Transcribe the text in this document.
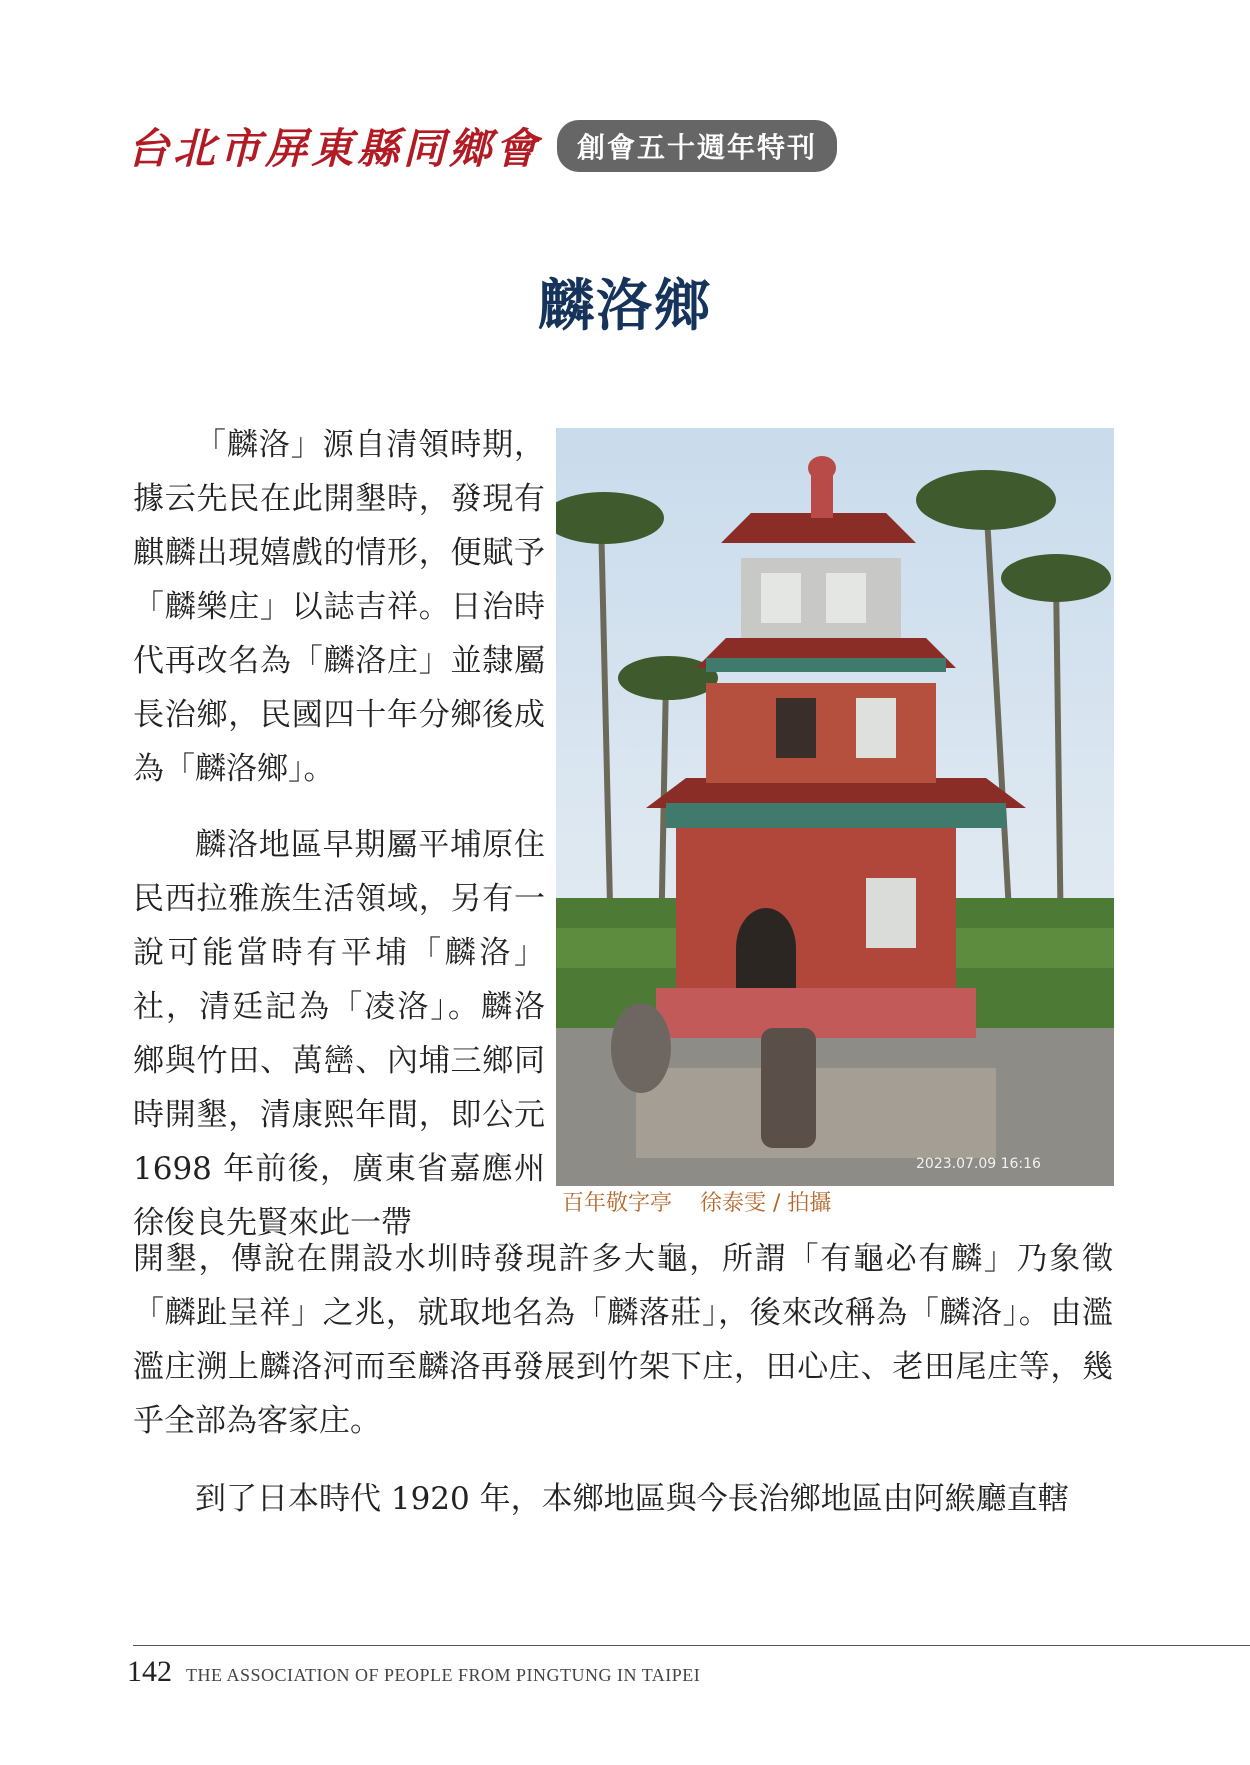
台北市屏東縣同鄉會	創會五十週年特刊
麟洛鄉

「麟洛」源自清領時期，據云先民在此開墾時，發現有麒麟出現嬉戲的情形，便賦予「麟樂庄」以誌吉祥。日治時代再改名為「麟洛庄」並隸屬長治鄉，民國四十年分鄉後成為「麟洛鄉」。

麟洛地區早期屬平埔原住民西拉雅族生活領域，另有一說可能當時有平埔「麟洛」社，清廷記為「凌洛」。麟洛鄉與竹田、萬巒、內埔三鄉同時開墾，清康熙年間，即公元 1698 年前後，廣東省嘉應州徐俊良先賢來此一帶

2023.07.09 16:16
百年敬字亭 徐泰雯 / 拍攝

開墾，傳說在開設水圳時發現許多大龜，所謂「有龜必有麟」乃象徵「麟趾呈祥」之兆，就取地名為「麟落莊」，後來改稱為「麟洛」。由濫濫庄溯上麟洛河而至麟洛再發展到竹架下庄，田心庄、老田尾庄等，幾乎全部為客家庄。

到了日本時代 1920 年，本鄉地區與今長治鄉地區由阿緱廳直轄

142 THE ASSOCIATION OF PEOPLE FROM PINGTUNG IN TAIPEI
